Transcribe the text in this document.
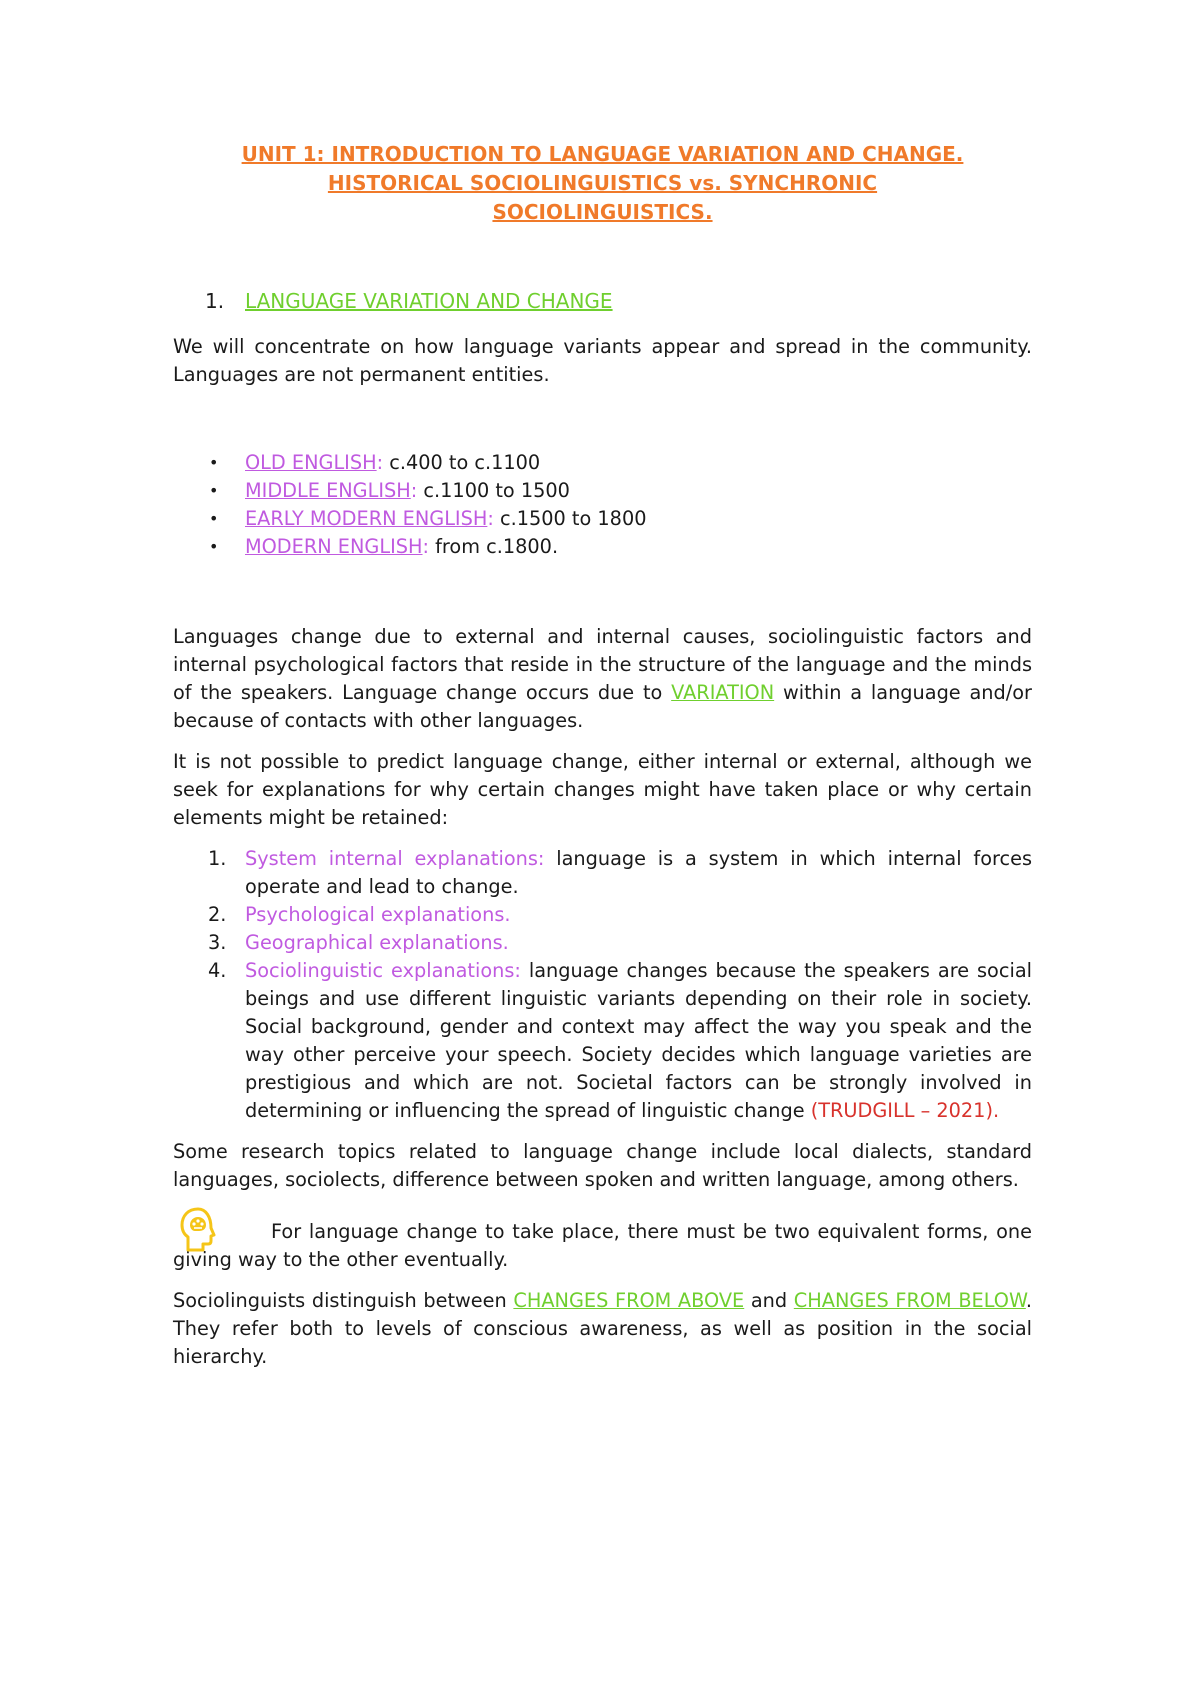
UNIT 1: INTRODUCTION TO LANGUAGE VARIATION AND CHANGE.
HISTORICAL SOCIOLINGUISTICS vs. SYNCHRONIC
SOCIOLINGUISTICS.
1.	LANGUAGE VARIATION AND CHANGE

We will concentrate on how language variants appear and spread in the community. Languages are not permanent entities.

•	OLD ENGLISH: c.400 to c.1100
•	MIDDLE ENGLISH: c.1100 to 1500
•	EARLY MODERN ENGLISH: c.1500 to 1800
•	MODERN ENGLISH: from c.1800.

Languages change due to external and internal causes, sociolinguistic factors and internal psychological factors that reside in the structure of the language and the minds of the speakers. Language change occurs due to VARIATION within a language and/or because of contacts with other languages.

It is not possible to predict language change, either internal or external, although we seek for explanations for why certain changes might have taken place or why certain elements might be retained:

1. System internal explanations: language is a system in which internal forces operate and lead to change.
2. Psychological explanations.
3. Geographical explanations.
4. Sociolinguistic explanations: language changes because the speakers are social beings and use different linguistic variants depending on their role in society. Social background, gender and context may affect the way you speak and the way other perceive your speech. Society decides which language varieties are prestigious and which are not. Societal factors can be strongly involved in determining or influencing the spread of linguistic change (TRUDGILL – 2021).

Some research topics related to language change include local dialects, standard languages, sociolects, difference between spoken and written language, among others.

For language change to take place, there must be two equivalent forms, one giving way to the other eventually.

Sociolinguists distinguish between CHANGES FROM ABOVE and CHANGES FROM BELOW. They refer both to levels of conscious awareness, as well as position in the social hierarchy.
